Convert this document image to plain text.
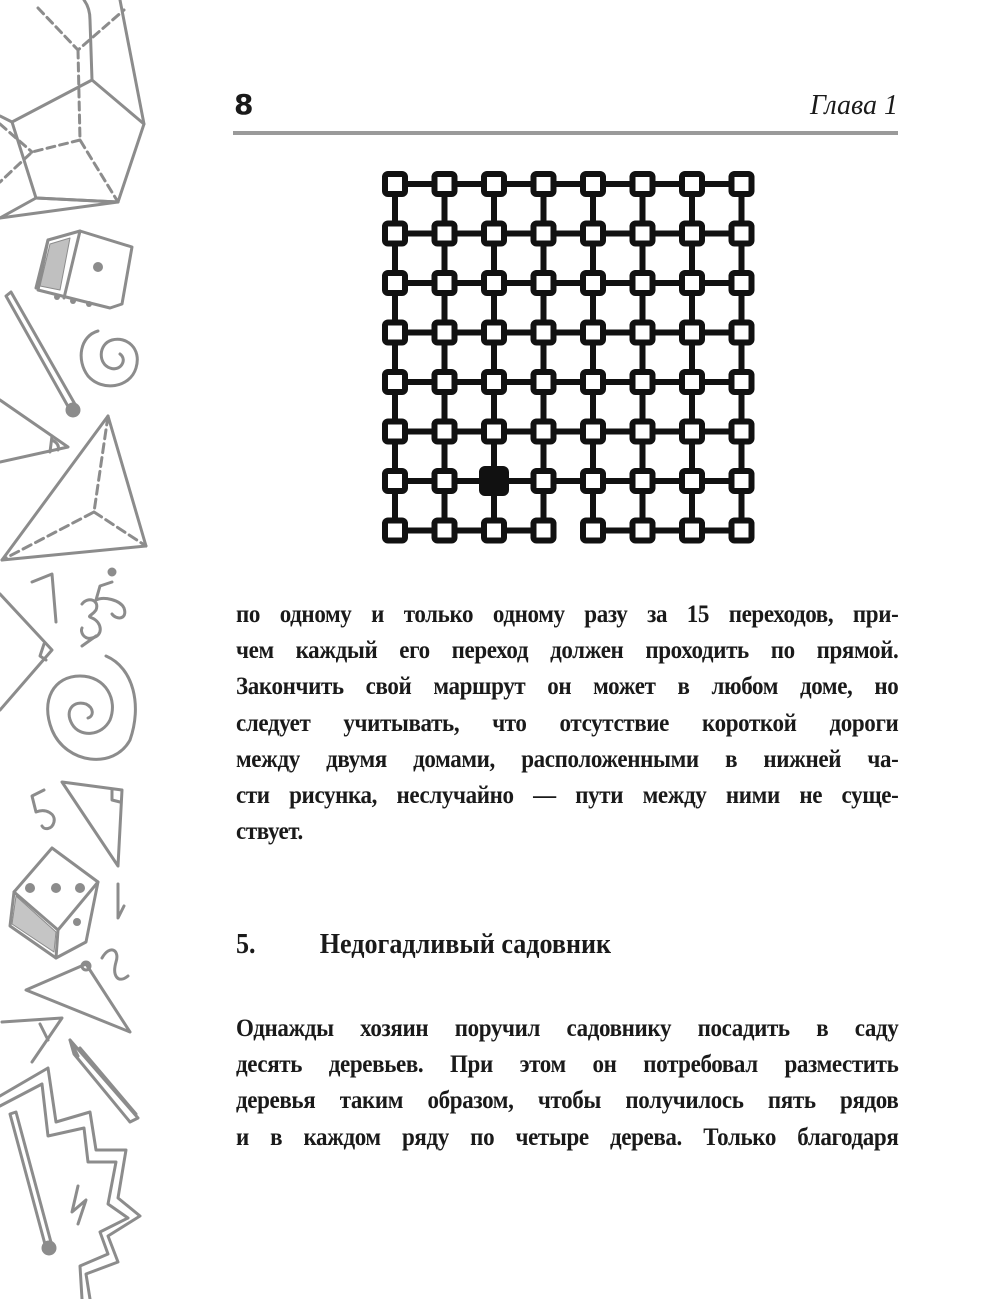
8	Глава 1
по одному и только одному разу за 15 переходов, при-
чем каждый его переход должен проходить по прямой.
Закончить свой маршрут он может в любом доме, но
следует учитывать, что отсутствие короткой дороги
между двумя домами, расположенными в нижней ча-
сти рисунка, неслучайно — пути между ними не суще-
ствует.
5. Недогадливый садовник
Однажды хозяин поручил садовнику посадить в саду
десять деревьев. При этом он потребовал разместить
деревья таким образом, чтобы получилось пять рядов
и в каждом ряду по четыре дерева. Только благодаря
